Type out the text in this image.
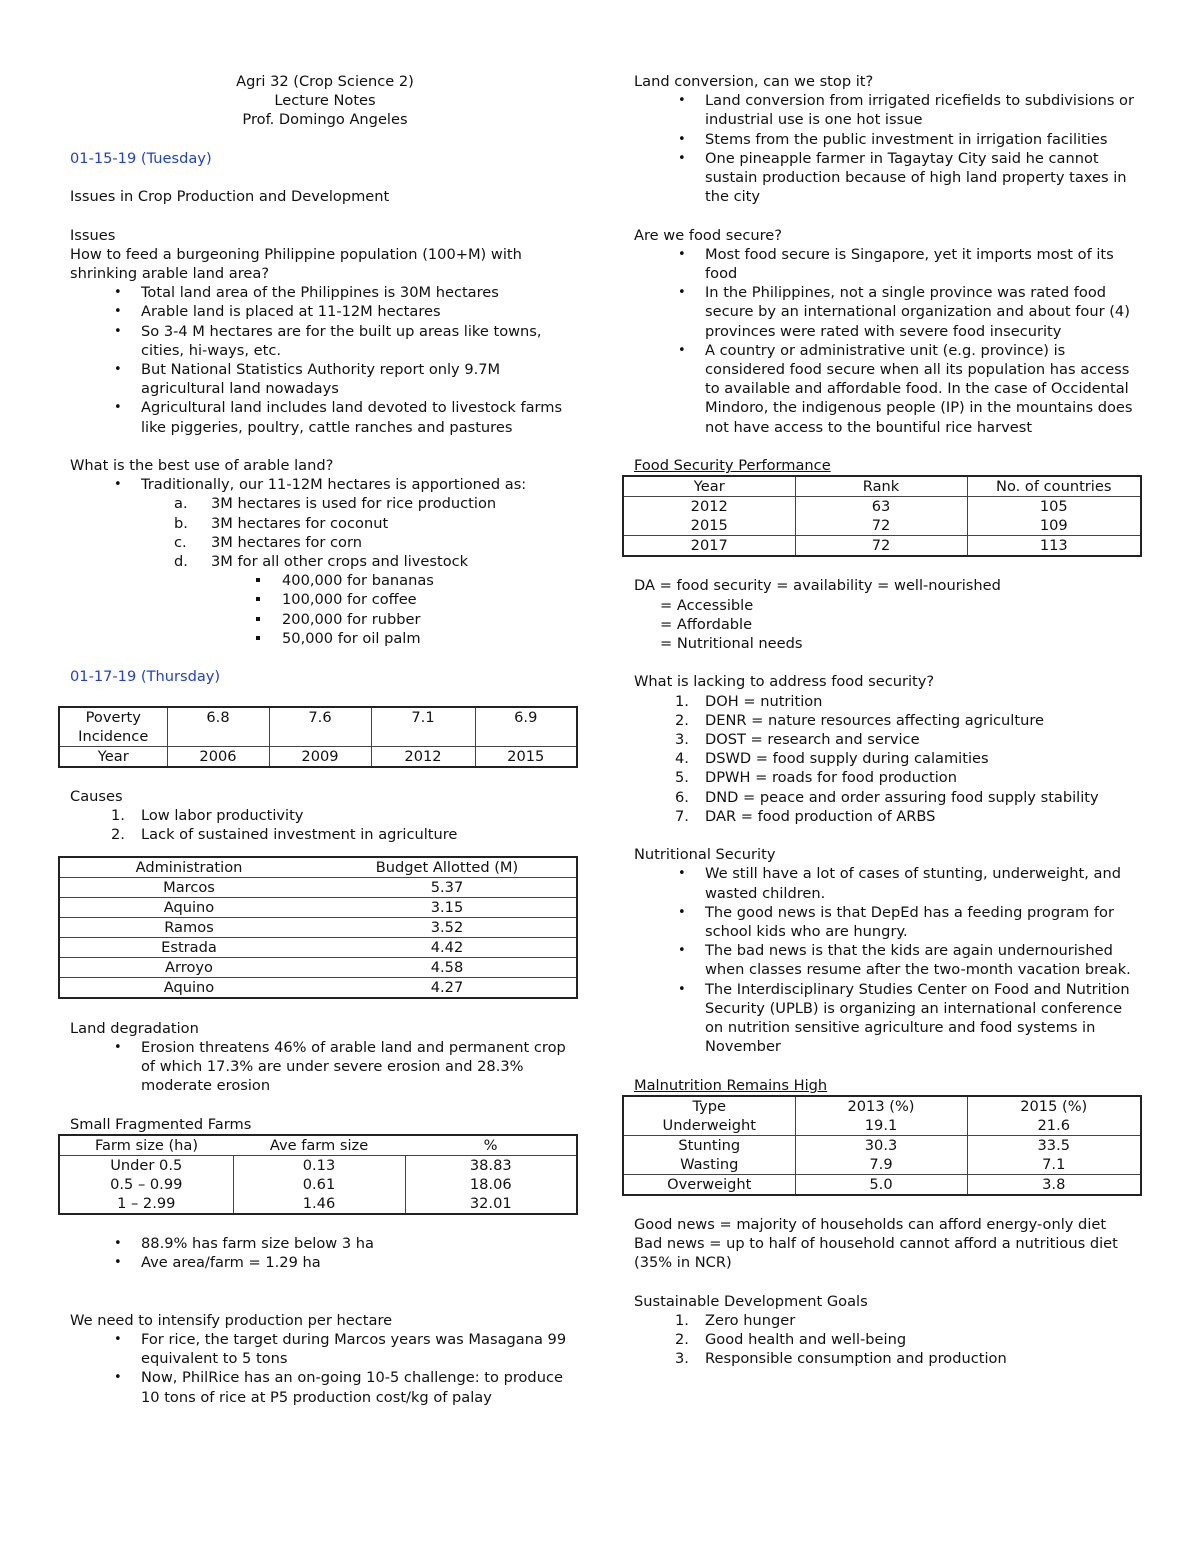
Agri 32 (Crop Science 2)

Lecture Notes

Prof. Domingo Angeles

01-15-19 (Tuesday)

Issues in Crop Production and Development

Issues

How to feed a burgeoning Philippine population (100+M) with shrinking arable land area?

• Total land area of the Philippines is 30M hectares
• Arable land is placed at 11-12M hectares
• So 3-4 M hectares are for the built up areas like towns, cities, hi-ways, etc.
• But National Statistics Authority report only 9.7M agricultural land nowadays
• Agricultural land includes land devoted to livestock farms like piggeries, poultry, cattle ranches and pastures

What is the best use of arable land?

• Traditionally, our 11-12M hectares is apportioned as:
a. 3M hectares is used for rice production
b. 3M hectares for coconut
c. 3M hectares for corn
d. 3M for all other crops and livestock
400,000 for bananas
100,000 for coffee
200,000 for rubber
50,000 for oil palm

01-17-19 (Thursday)

Poverty Incidence	6.8	7.6	7.1	6.9
Year	2006	2009	2012	2015

Causes

1. Low labor productivity
2. Lack of sustained investment in agriculture
Administration	Budget Allotted (M)
Marcos	5.37
Aquino	3.15
Ramos	3.52
Estrada	4.42
Arroyo	4.58
Aquino	4.27

Land degradation

• Erosion threatens 46% of arable land and permanent crop of which 17.3% are under severe erosion and 28.3% moderate erosion

Small Fragmented Farms

Farm size (ha)	Ave farm size	%
Under 0.5	0.13	38.83
0.5 – 0.99	0.61	18.06
1 – 2.99	1.46	32.01
• 88.9% has farm size below 3 ha
• Ave area/farm = 1.29 ha

We need to intensify production per hectare

• For rice, the target during Marcos years was Masagana 99 equivalent to 5 tons
• Now, PhilRice has an on-going 10-5 challenge: to produce 10 tons of rice at P5 production cost/kg of palay

Land conversion, can we stop it?

• Land conversion from irrigated ricefields to subdivisions or industrial use is one hot issue
• Stems from the public investment in irrigation facilities
• One pineapple farmer in Tagaytay City said he cannot sustain production because of high land property taxes in the city

Are we food secure?

• Most food secure is Singapore, yet it imports most of its food
• In the Philippines, not a single province was rated food secure by an international organization and about four (4) provinces were rated with severe food insecurity
• A country or administrative unit (e.g. province) is considered food secure when all its population has access to available and affordable food. In the case of Occidental Mindoro, the indigenous people (IP) in the mountains does not have access to the bountiful rice harvest

Food Security Performance

Year	Rank	No. of countries
2012	63	105
2015	72	109
2017	72	113

DA = food security = availability = well-nourished

= Accessible

= Affordable

= Nutritional needs

What is lacking to address food security?

1. DOH = nutrition
2. DENR = nature resources affecting agriculture
3. DOST = research and service
4. DSWD = food supply during calamities
5. DPWH = roads for food production
6. DND = peace and order assuring food supply stability
7. DAR = food production of ARBS

Nutritional Security

• We still have a lot of cases of stunting, underweight, and wasted children.
• The good news is that DepEd has a feeding program for school kids who are hungry.
• The bad news is that the kids are again undernourished when classes resume after the two-month vacation break.
• The Interdisciplinary Studies Center on Food and Nutrition Security (UPLB) is organizing an international conference on nutrition sensitive agriculture and food systems in November

Malnutrition Remains High

Type	2013 (%)	2015 (%)
Underweight	19.1	21.6
Stunting	30.3	33.5
Wasting	7.9	7.1
Overweight	5.0	3.8

Good news = majority of households can afford energy-only diet

Bad news = up to half of household cannot afford a nutritious diet (35% in NCR)

Sustainable Development Goals

1. Zero hunger
2. Good health and well-being
3. Responsible consumption and production
